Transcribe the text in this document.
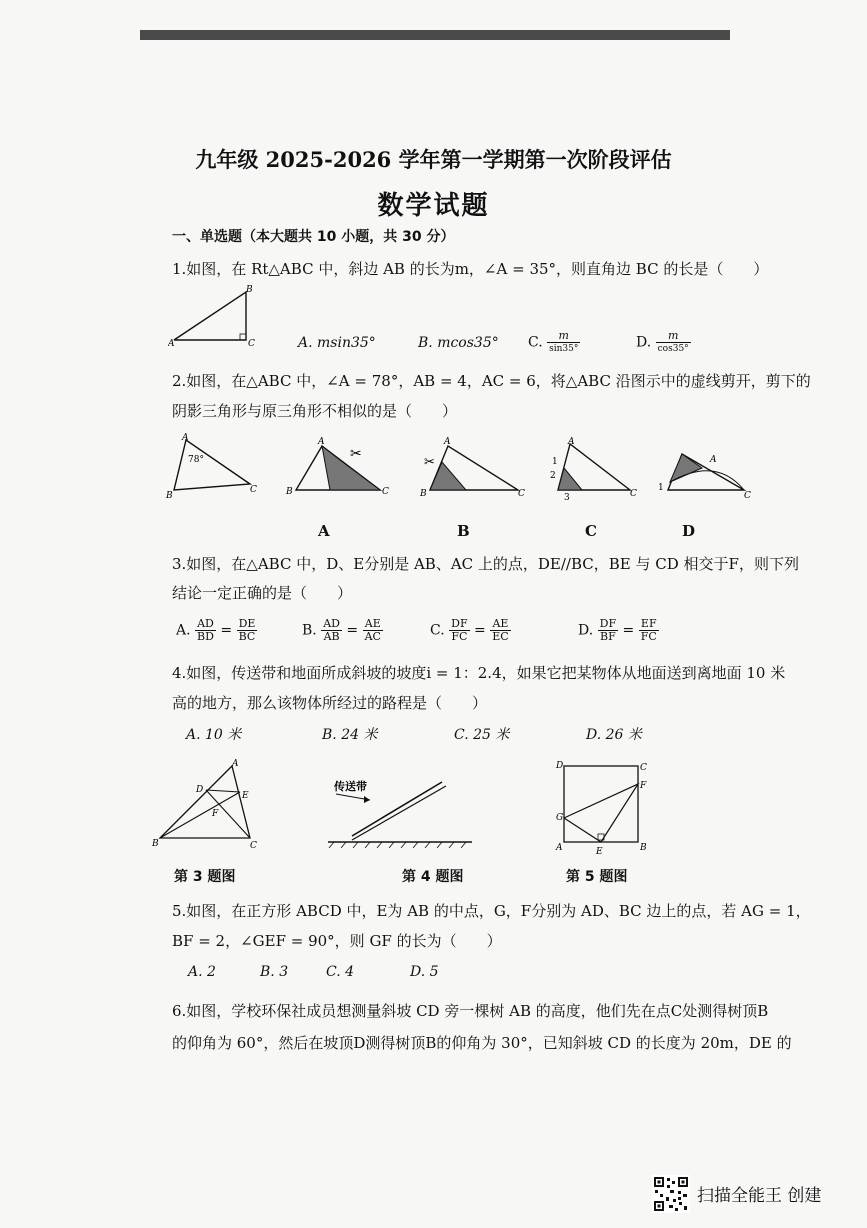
九年级 2025-2026 学年第一学期第一次阶段评估
数学试题
一、单选题（本大题共 10 小题，共 30 分）
1.如图，在 Rt△ABC 中，斜边 AB 的长为m，∠A = 35°，则直角边 BC 的长是（　　）
A
B
C	A. msin35°	B. mcos35° C. $\frac{m}{\sin 35^\circ}$	D. $\frac{m}{\cos 35^\circ}$
2.如图，在△ABC 中，∠A = 78°，AB = 4，AC = 6，将△ABC 沿图示中的虚线剪开，剪下的
阴影三角形与原三角形不相似的是（　　）
78°
A
B
C
✂
A
B	C
✂
A
B	C
1
2
3
A
C
A
1
C
A	B	C	D
3.如图，在△ABC 中，D、E分别是 AB、AC 上的点，DE//BC，BE 与 CD 相交于F，则下列
结论一定正确的是（　　）
A. $\frac{AD}{BD} = \frac{DE}{BC}$	B. $\frac{AD}{AB} = \frac{AE}{AC}$	C. $\frac{DF}{FC} = \frac{AE}{EC}$	D. $\frac{DF}{BF} = \frac{EF}{FC}$
4.如图，传送带和地面所成斜坡的坡度i = 1：2.4，如果它把某物体从地面送到离地面 10 米
高的地方，那么该物体所经过的路程是（　　）
A. 10 米	B. 24 米	C. 25 米	D. 26 米
A
D
E
F
B	C
传送带
D	C
F
G
A	E	B
第 3 题图	第 4 题图	第 5 题图
5.如图，在正方形 ABCD 中，E为 AB 的中点，G，F分别为 AD、BC 边上的点，若 AG = 1，
BF = 2，∠GEF = 90°，则 GF 的长为（　　）
A. 2	B. 3	C. 4	D. 5
6.如图，学校环保社成员想测量斜坡 CD 旁一棵树 AB 的高度，他们先在点C处测得树顶B
的仰角为 60°，然后在坡顶D测得树顶B的仰角为 30°，已知斜坡 CD 的长度为 20m，DE 的
扫描全能王 创建
